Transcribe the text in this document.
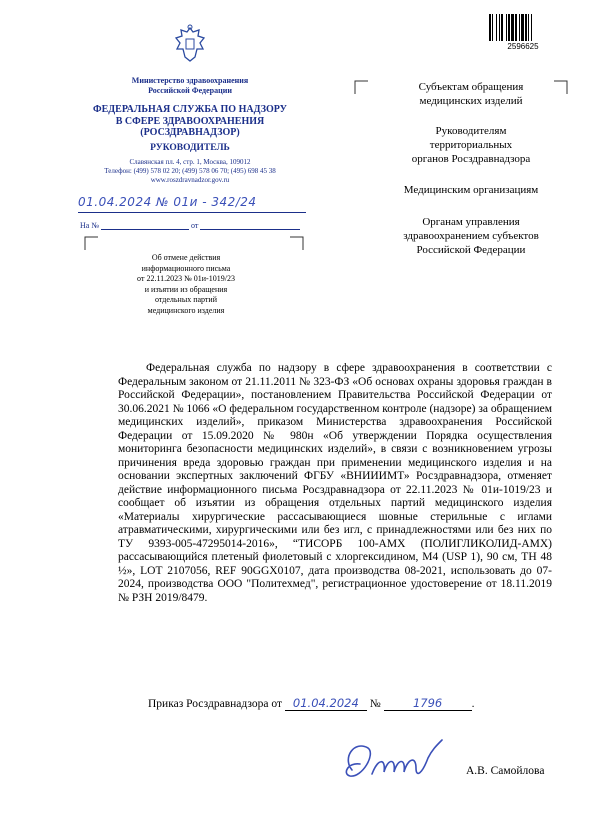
2596625
Министерство здравоохранения
Российской Федерации
ФЕДЕРАЛЬНАЯ СЛУЖБА ПО НАДЗОРУ
В СФЕРЕ ЗДРАВООХРАНЕНИЯ
(РОСЗДРАВНАДЗОР)
РУКОВОДИТЕЛЬ
Славянская пл. 4, стр. 1, Москва, 109012
Телефон: (499) 578 02 20; (499) 578 06 70; (495) 698 45 38
www.roszdravnadzor.gov.ru
01.04.2024 № 01и - 342/24
На №	от
Об отмене действия
информационного письма
от 22.11.2023 № 01и-1019/23
и изъятии из обращения
отдельных партий
медицинского изделия
Субъектам обращения
медицинских изделий
Руководителям
территориальных
органов Росздравнадзора
Медицинским организациям
Органам управления
здравоохранением субъектов
Российской Федерации
Федеральная служба по надзору в сфере здравоохранения в соответствии с Федеральным законом от 21.11.2011 № 323-ФЗ «Об основах охраны здоровья граждан в Российской Федерации», постановлением Правительства Российской Федерации от 30.06.2021 № 1066 «О федеральном государственном контроле (надзоре) за обращением медицинских изделий», приказом Министерства здравоохранения Российской Федерации от 15.09.2020 № 980н «Об утверждении Порядка осуществления мониторинга безопасности медицинских изделий», в связи с возникновением угрозы причинения вреда здоровью граждан при применении медицинского изделия и на основании экспертных заключений ФГБУ «ВНИИИМТ» Росздравнадзора, отменяет действие информационного письма Росздравнадзора от 22.11.2023 № 01и-1019/23 и сообщает об изъятии из обращения отдельных партий медицинского изделия «Материалы хирургические рассасывающиеся шовные стерильные с иглами атравматическими, хирургическими или без игл, с принадлежностями или без них по ТУ 9393-005-47295014-2016», “ТИСОРБ 100-АМХ (ПОЛИГЛИКОЛИД-АМХ) рассасывающийся плетеный фиолетовый с хлоргексидином, М4 (USP 1), 90 см, ТН 48 ½», LOT 2107056, REF 90GGX0107, дата производства 08-2021, использовать до 07-2024, производства ООО "Политехмед", регистрационное удостоверение от 18.11.2019 № РЗН 2019/8479.
Приказ Росздравнадзора от 01.04.2024 №	1796	.
А.В. Самойлова
